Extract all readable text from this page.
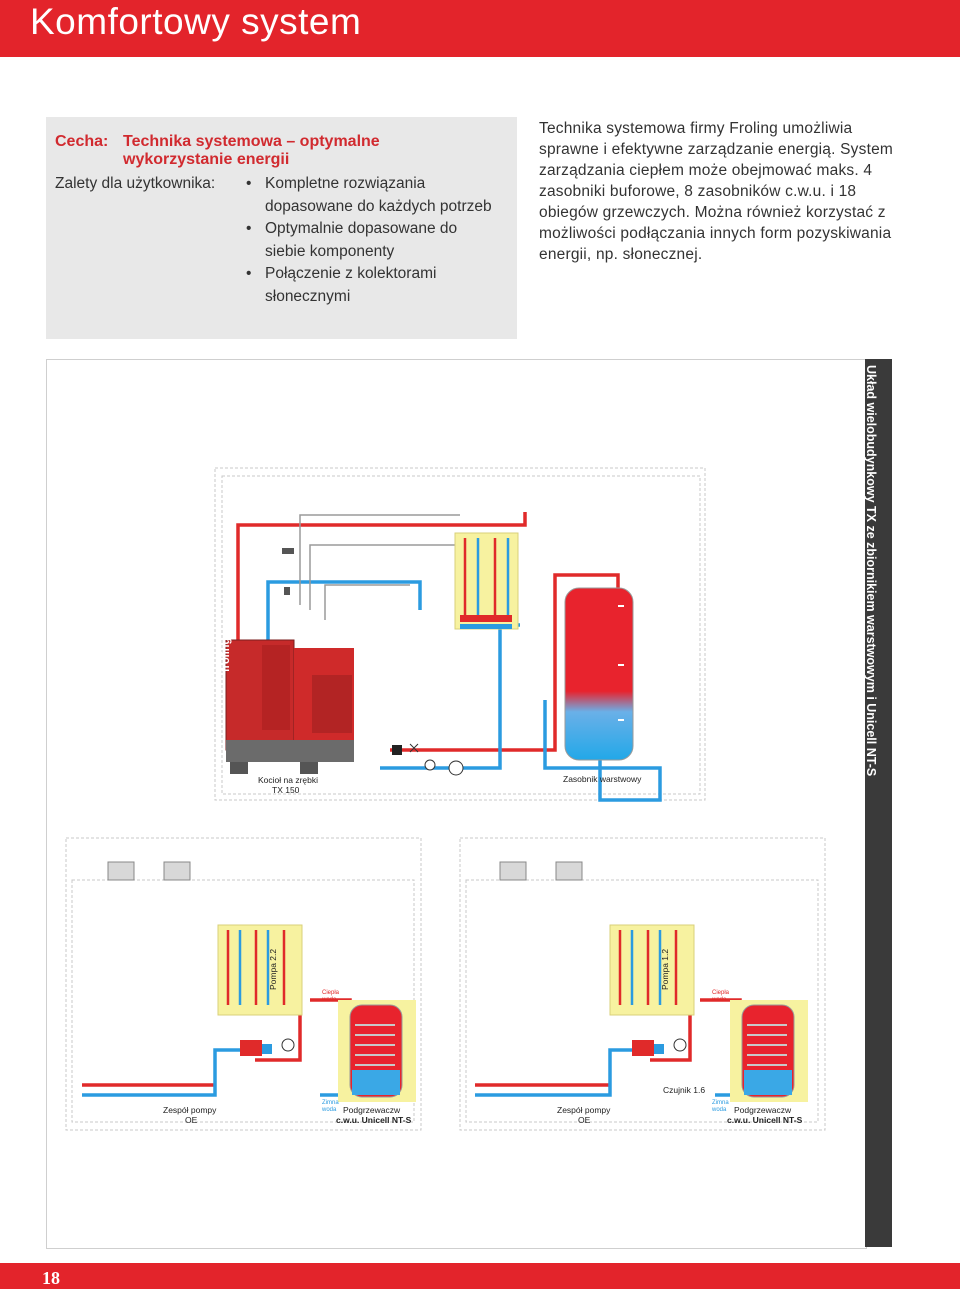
Komfortowy system
Cecha: Technika systemowa – optymalne wykorzystanie energii
Zalety dla użytkownika: • Kompletne rozwiązania dopasowane do każdych potrzeb
• Optymalnie dopasowane do siebie komponenty
• Połączenie z kolektorami słonecznymi
Technika systemowa firmy Froling umożliwia sprawne i efektywne zarządzanie energią. System zarządzania ciepłem może obejmować maks. 4 zasobniki buforowe, 8 zasobników c.w.u. i 18 obiegów grzewczych. Można również korzystać z możliwości podłączania innych form pozyskiwania energii, np. słonecznej.
froling
Kocioł na zrębki
TX 150
Zasobnik warstwowy
Pompa 2.2
Ciepła
woda
Zimna
woda
Zespół pompy
OE
Podgrzewaczw
c.w.u. Unicell NT-S
Pompa 1.2
Ciepła
woda
Zimna
woda
Czujnik 1.6
Zespół pompy
OE
Podgrzewaczw
c.w.u. Unicell NT-S
Układ wielobudynkowy TX ze zbiornikiem warstwowym i Unicell NT-S
18
